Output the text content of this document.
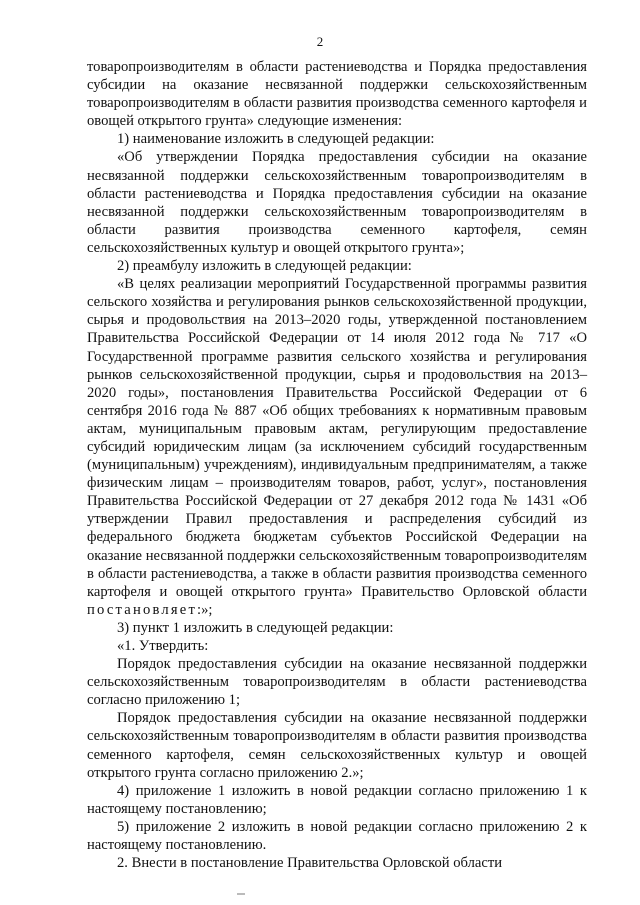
2

товаропроизводителям в области растениеводства и Порядка предоставления субсидии на оказание несвязанной поддержки сельскохозяйственным товаропроизводителям в области развития производства семенного картофеля и овощей открытого грунта» следующие изменения:

1) наименование изложить в следующей редакции:

«Об утверждении Порядка предоставления субсидии на оказание несвязанной поддержки сельскохозяйственным товаропроизводителям в области растениеводства и Порядка предоставления субсидии на оказание несвязанной поддержки сельскохозяйственным товаропроизводителям в области развития производства семенного картофеля, семян сельскохозяйственных культур и овощей открытого грунта»;

2) преамбулу изложить в следующей редакции:

«В целях реализации мероприятий Государственной программы развития сельского хозяйства и регулирования рынков сельскохозяйственной продукции, сырья и продовольствия на 2013–2020 годы, утвержденной постановлением Правительства Российской Федерации от 14 июля 2012 года № 717 «О Государственной программе развития сельского хозяйства и регулирования рынков сельскохозяйственной продукции, сырья и продовольствия на 2013–2020 годы», постановления Правительства Российской Федерации от 6 сентября 2016 года № 887 «Об общих требованиях к нормативным правовым актам, муниципальным правовым актам, регулирующим предоставление субсидий юридическим лицам (за исключением субсидий государственным (муниципальным) учреждениям), индивидуальным предпринимателям, а также физическим лицам – производителям товаров, работ, услуг», постановления Правительства Российской Федерации от 27 декабря 2012 года № 1431 «Об утверждении Правил предоставления и распределения субсидий из федерального бюджета бюджетам субъектов Российской Федерации на оказание несвязанной поддержки сельскохозяйственным товаропроизводителям в области растениеводства, а также в области развития производства семенного картофеля и овощей открытого грунта» Правительство Орловской области постановляет:»;

3) пункт 1 изложить в следующей редакции:

«1. Утвердить:

Порядок предоставления субсидии на оказание несвязанной поддержки сельскохозяйственным товаропроизводителям в области растениеводства согласно приложению 1;

Порядок предоставления субсидии на оказание несвязанной поддержки сельскохозяйственным товаропроизводителям в области развития производства семенного картофеля, семян сельскохозяйственных культур и овощей открытого грунта согласно приложению 2.»;

4) приложение 1 изложить в новой редакции согласно приложению 1 к настоящему постановлению;

5) приложение 2 изложить в новой редакции согласно приложению 2 к настоящему постановлению.

2. Внести в постановление Правительства Орловской области
